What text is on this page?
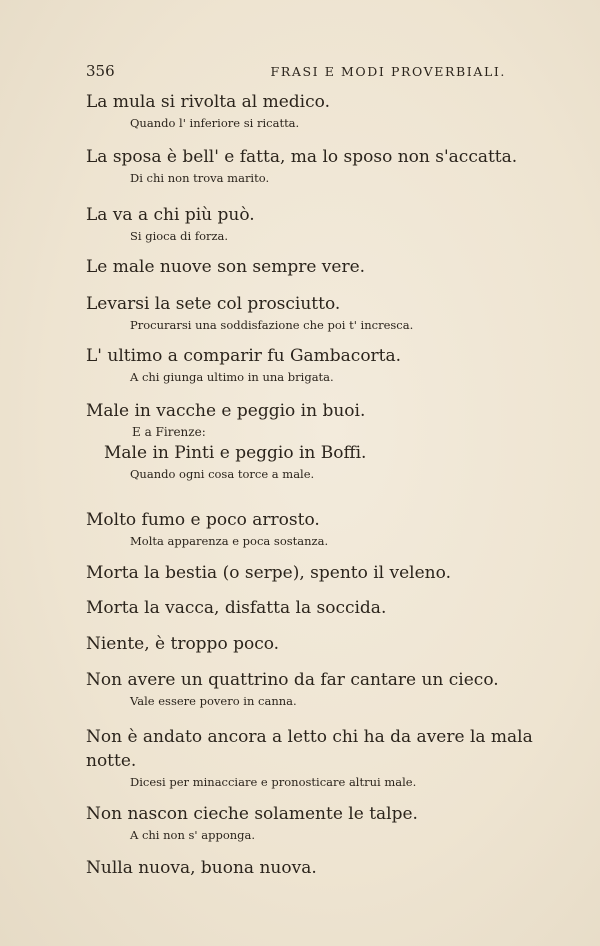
356	FRASI E MODI PROVERBIALI.

La mula si rivolta al medico.

Quando l' inferiore si ricatta.

La sposa è bell' e fatta, ma lo sposo non s'accatta.

Di chi non trova marito.

La va a chi più può.

Si gioca di forza.

Le male nuove son sempre vere.

Levarsi la sete col prosciutto.

Procurarsi una soddisfazione che poi t' incresca.

L' ultimo a comparir fu Gambacorta.

A chi giunga ultimo in una brigata.

Male in vacche e peggio in buoi.

E a Firenze:

Male in Pinti e peggio in Boffi.

Quando ogni cosa torce a male.

Molto fumo e poco arrosto.

Molta apparenza e poca sostanza.

Morta la bestia (o serpe), spento il veleno.

Morta la vacca, disfatta la soccida.

Niente, è troppo poco.

Non avere un quattrino da far cantare un cieco.

Vale essere povero in canna.

Non è andato ancora a letto chi ha da avere la mala notte.

Dicesi per minacciare e pronosticare altrui male.

Non nascon cieche solamente le talpe.

A chi non s' apponga.

Nulla nuova, buona nuova.
